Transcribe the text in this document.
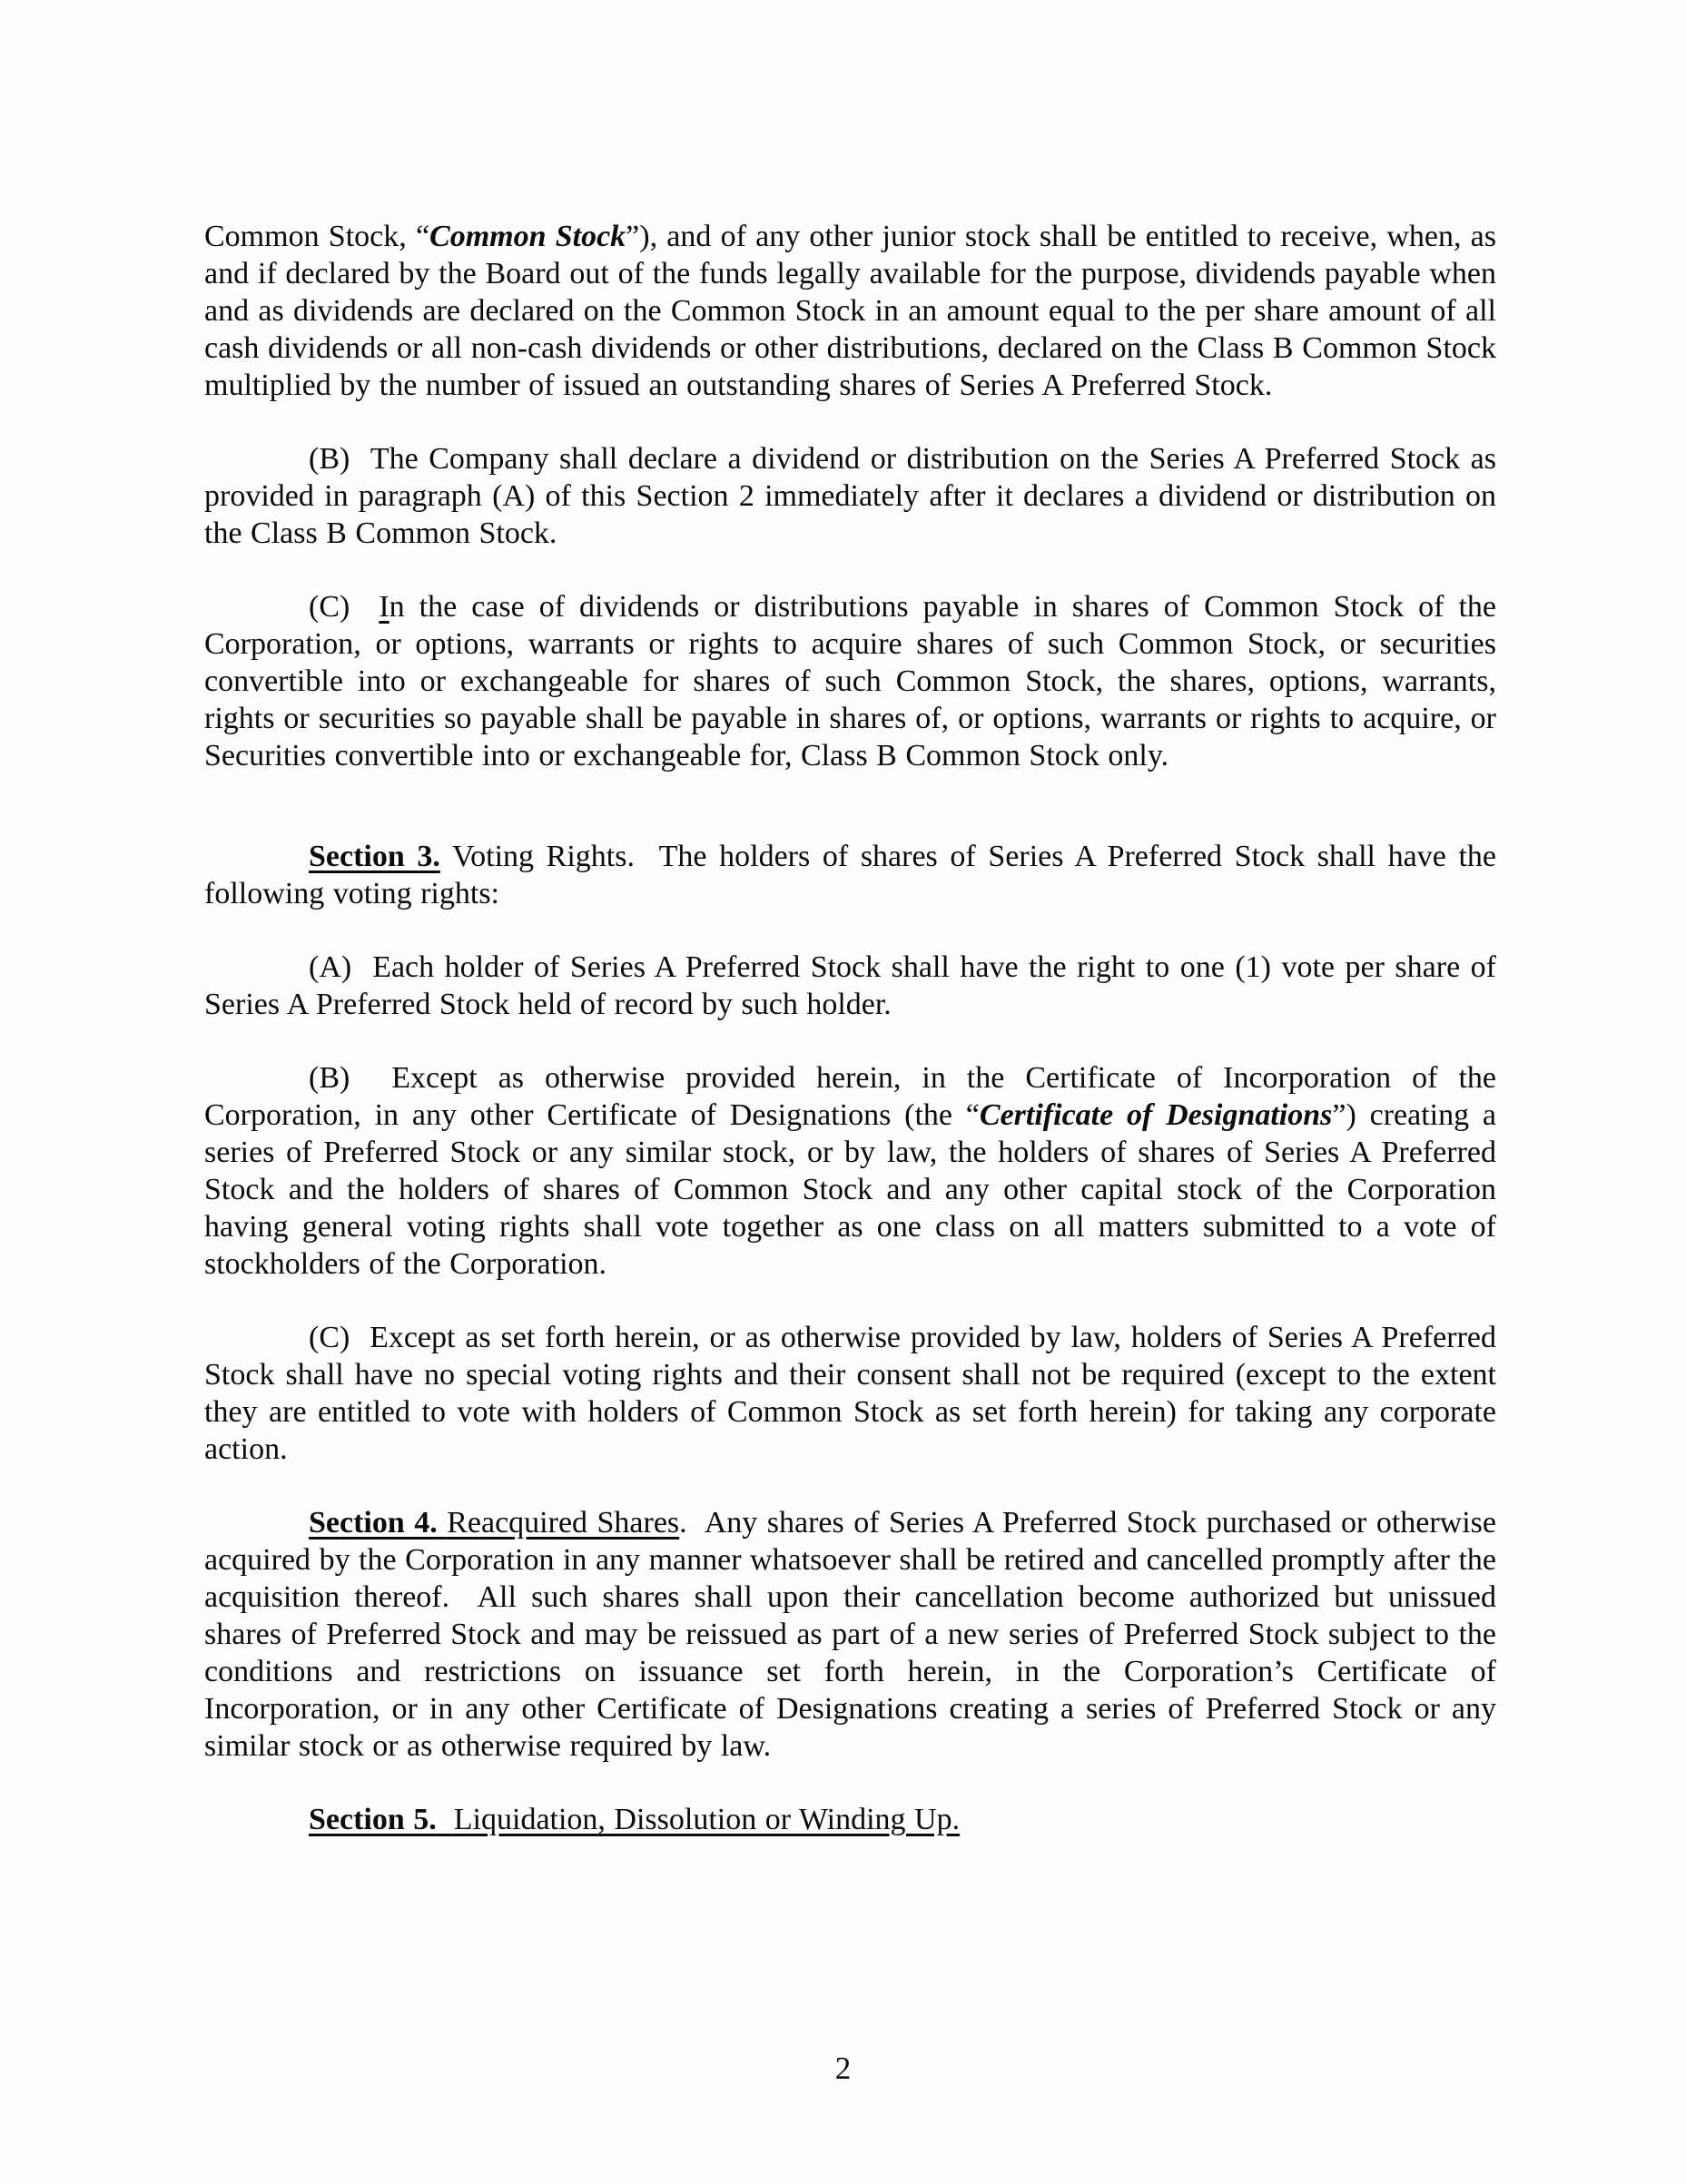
Common Stock, “Common Stock”), and of any other junior stock shall be entitled to receive, when, as and if declared by the Board out of the funds legally available for the purpose, dividends payable when and as dividends are declared on the Common Stock in an amount equal to the per share amount of all cash dividends or all non-cash dividends or other distributions, declared on the Class B Common Stock multiplied by the number of issued an outstanding shares of Series A Preferred Stock.

(B)  The Company shall declare a dividend or distribution on the Series A Preferred Stock as provided in paragraph (A) of this Section 2 immediately after it declares a dividend or distribution on the Class B Common Stock.

(C)  In the case of dividends or distributions payable in shares of Common Stock of the Corporation, or options, warrants or rights to acquire shares of such Common Stock, or securities convertible into or exchangeable for shares of such Common Stock, the shares, options, warrants, rights or securities so payable shall be payable in shares of, or options, warrants or rights to acquire, or Securities convertible into or exchangeable for, Class B Common Stock only.

Section 3. Voting Rights.  The holders of shares of Series A Preferred Stock shall have the following voting rights:

(A)  Each holder of Series A Preferred Stock shall have the right to one (1) vote per share of Series A Preferred Stock held of record by such holder.

(B)  Except as otherwise provided herein, in the Certificate of Incorporation of the Corporation, in any other Certificate of Designations (the “Certificate of Designations”) creating a series of Preferred Stock or any similar stock, or by law, the holders of shares of Series A Preferred Stock and the holders of shares of Common Stock and any other capital stock of the Corporation having general voting rights shall vote together as one class on all matters submitted to a vote of stockholders of the Corporation.

(C)  Except as set forth herein, or as otherwise provided by law, holders of Series A Preferred Stock shall have no special voting rights and their consent shall not be required (except to the extent they are entitled to vote with holders of Common Stock as set forth herein) for taking any corporate action.

Section 4. Reacquired Shares.  Any shares of Series A Preferred Stock purchased or otherwise acquired by the Corporation in any manner whatsoever shall be retired and cancelled promptly after the acquisition thereof.  All such shares shall upon their cancellation become authorized but unissued shares of Preferred Stock and may be reissued as part of a new series of Preferred Stock subject to the conditions and restrictions on issuance set forth herein, in the Corporation’s Certificate of Incorporation, or in any other Certificate of Designations creating a series of Preferred Stock or any similar stock or as otherwise required by law.

Section 5. Liquidation, Dissolution or Winding Up.

2
